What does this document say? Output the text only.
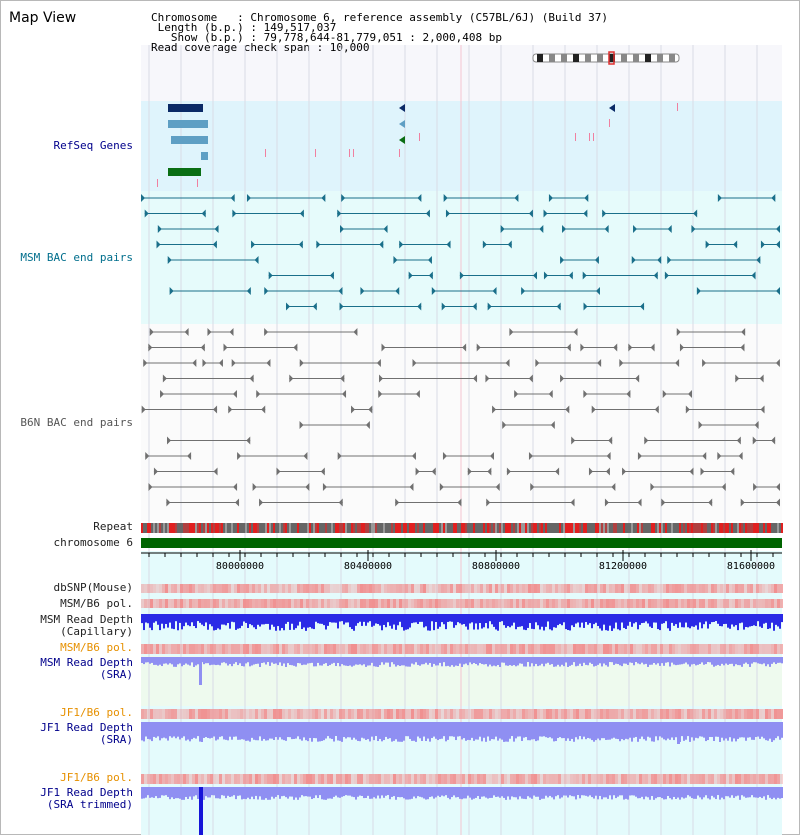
Map View	Chromosome   : Chromosome 6, reference assembly (C57BL/6J) (Build 37)
Length (b.p.) : 149,517,037
Show (b.p.) : 79,778,644-81,779,051 : 2,000,408 bp
Read coverage check span : 10,000
RefSeq Genes
MSM BAC end pairs
B6N BAC end pairs
Repeat
chromosome 6
dbSNP(Mouse)
MSM/B6 pol.
MSM Read Depth
(Capillary)
MSM/B6 pol.
MSM Read Depth
(SRA)
JF1/B6 pol.
JF1 Read Depth
(SRA)
JF1/B6 pol.
JF1 Read Depth
(SRA trimmed)
80000000	80400000	80800000	81200000	81600000
